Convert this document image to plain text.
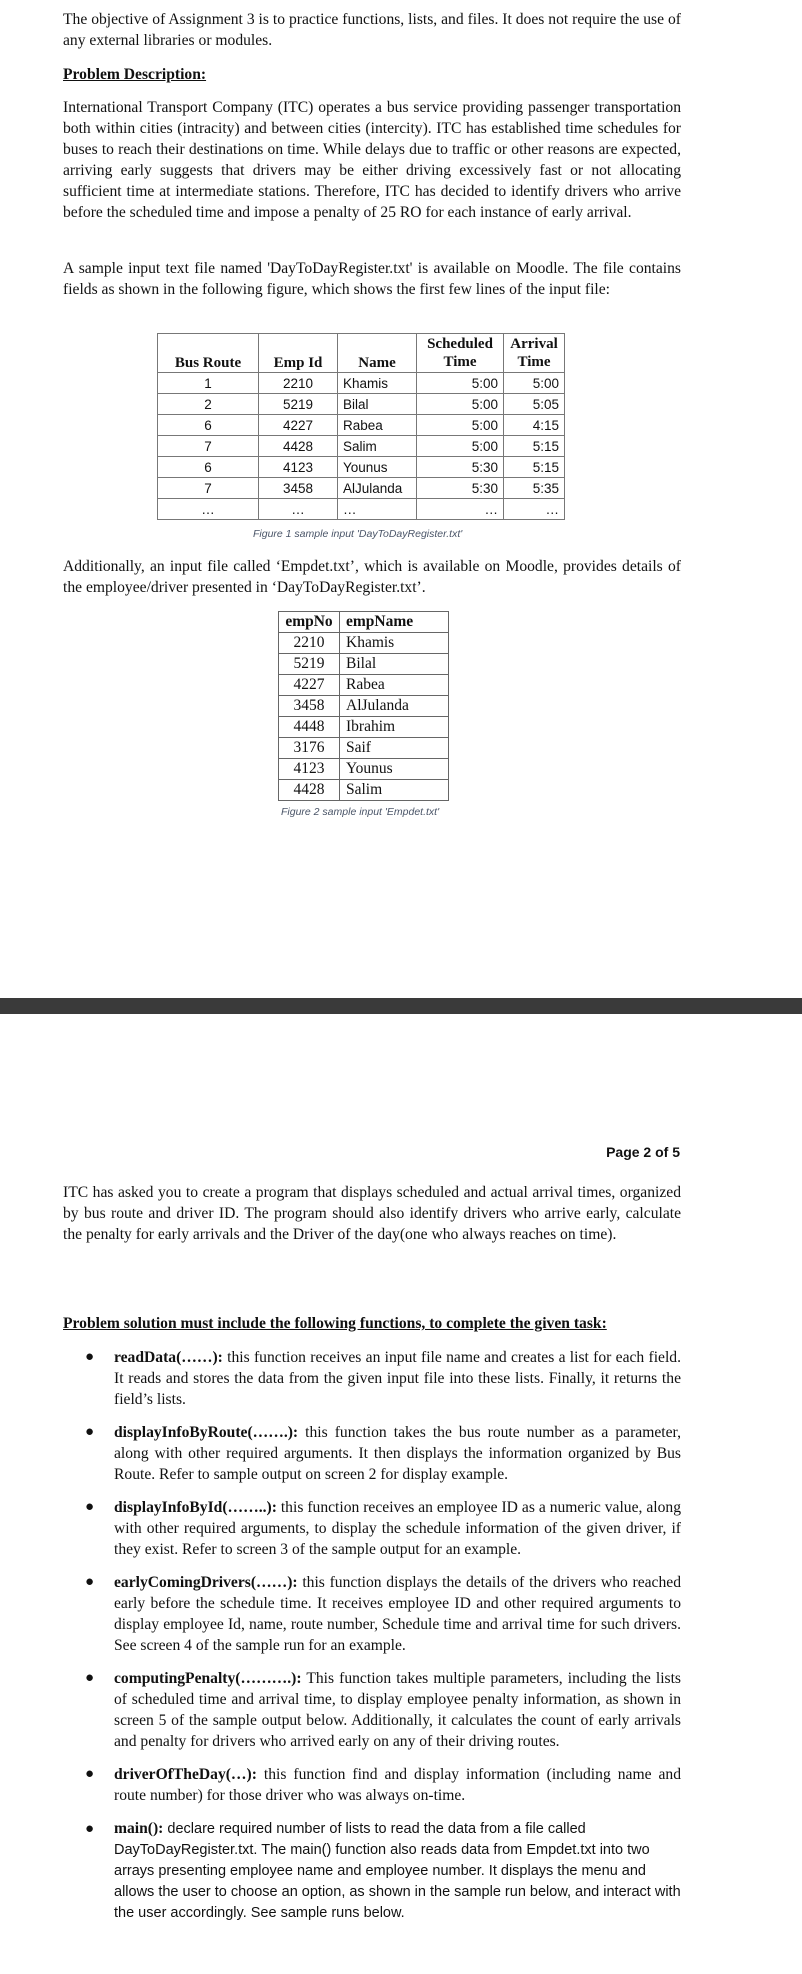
The objective of Assignment 3 is to practice functions, lists, and files. It does not require the use of any external libraries or modules.

Problem Description:

International Transport Company (ITC) operates a bus service providing passenger transportation both within cities (intracity) and between cities (intercity). ITC has established time schedules for buses to reach their destinations on time. While delays due to traffic or other reasons are expected, arriving early suggests that drivers may be either driving excessively fast or not allocating sufficient time at intermediate stations. Therefore, ITC has decided to identify drivers who arrive before the scheduled time and impose a penalty of 25 RO for each instance of early arrival.

A sample input text file named 'DayToDayRegister.txt' is available on Moodle. The file contains fields as shown in the following figure, which shows the first few lines of the input file:

Bus Route	Emp Id	Name	Scheduled Time	Arrival Time
1	2210	Khamis	5:00	5:00
2	5219	Bilal	5:00	5:05
6	4227	Rabea	5:00	4:15
7	4428	Salim	5:00	5:15
6	4123	Younus	5:30	5:15
7	3458	AlJulanda	5:30	5:35
…	…	…	…	…
Figure 1 sample input 'DayToDayRegister.txt'

Additionally, an input file called ‘Empdet.txt’, which is available on Moodle, provides details of the employee/driver presented in ‘DayToDayRegister.txt’.

empNo	empName
2210	Khamis
5219	Bilal
4227	Rabea
3458	AlJulanda
4448	Ibrahim
3176	Saif
4123	Younus
4428	Salim
Figure 2 sample input 'Empdet.txt'
Page 2 of 5

ITC has asked you to create a program that displays scheduled and actual arrival times, organized by bus route and driver ID. The program should also identify drivers who arrive early, calculate the penalty for early arrivals and the Driver of the day(one who always reaches on time).

Problem solution must include the following functions, to complete the given task:
● readData(……): this function receives an input file name and creates a list for each field. It reads and stores the data from the given input file into these lists. Finally, it returns the field’s lists.
● displayInfoByRoute(…….): this function takes the bus route number as a parameter, along with other required arguments. It then displays the information organized by Bus Route. Refer to sample output on screen 2 for display example.
● displayInfoById(……..): this function receives an employee ID as a numeric value, along with other required arguments, to display the schedule information of the given driver, if they exist. Refer to screen 3 of the sample output for an example.
● earlyComingDrivers(……): this function displays the details of the drivers who reached early before the schedule time. It receives employee ID and other required arguments to display employee Id, name, route number, Schedule time and arrival time for such drivers. See screen 4 of the sample run for an example.
● computingPenalty(……….): This function takes multiple parameters, including the lists of scheduled time and arrival time, to display employee penalty information, as shown in screen 5 of the sample output below. Additionally, it calculates the count of early arrivals and penalty for drivers who arrived early on any of their driving routes.
● driverOfTheDay(…): this function find and display information (including name and route number) for those driver who was always on-time.
● main(): declare required number of lists to read the data from a file called DayToDayRegister.txt. The main() function also reads data from Empdet.txt into two arrays presenting employee name and employee number. It displays the menu and allows the user to choose an option, as shown in the sample run below, and interact with the user accordingly. See sample runs below.
